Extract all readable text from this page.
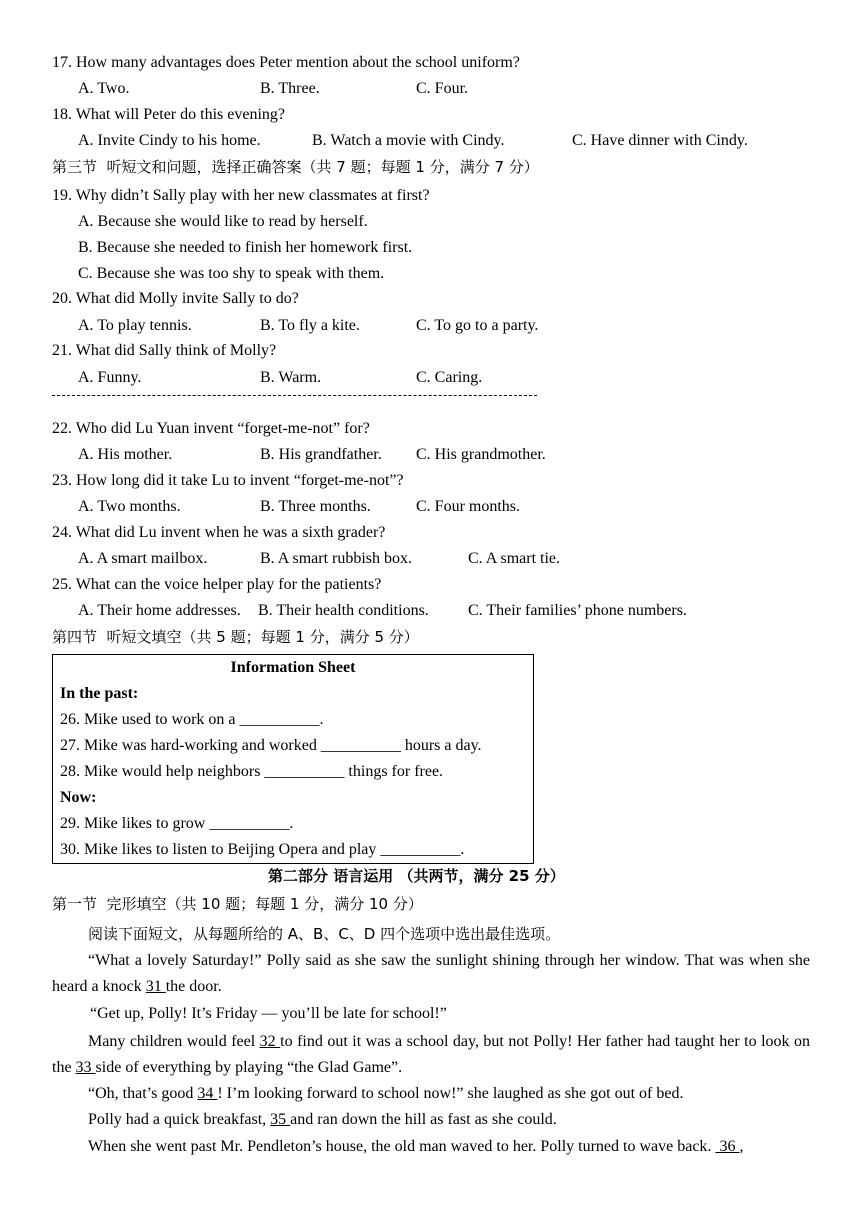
17. How many advantages does Peter mention about the school uniform?
A. Two.	B. Three.	C. Four.
18. What will Peter do this evening?
A. Invite Cindy to his home.	B. Watch a movie with Cindy.	C. Have dinner with Cindy.
第三节  听短文和问题，选择正确答案（共 7 题；每题 1 分，满分 7 分）
19. Why didn’t Sally play with her new classmates at first?
A. Because she would like to read by herself.
B. Because she needed to finish her homework first.
C. Because she was too shy to speak with them.
20. What did Molly invite Sally to do?
A. To play tennis.	B. To fly a kite.	C. To go to a party.
21. What did Sally think of Molly?
A. Funny.	B. Warm.	C. Caring.
22. Who did Lu Yuan invent “forget-me-not” for?
A. His mother.	B. His grandfather. C. His grandmother.
23. How long did it take Lu to invent “forget-me-not”?
A. Two months.	B. Three months.	C. Four months.
24. What did Lu invent when he was a sixth grader?
A. A smart mailbox.	B. A smart rubbish box.	C. A smart tie.
25. What can the voice helper play for the patients?
A. Their home addresses. B. Their health conditions. C. Their families’ phone numbers.
第四节  听短文填空（共 5 题；每题 1 分，满分 5 分）
Information Sheet
In the past:
26. Mike used to work on a __________.
27. Mike was hard-working and worked __________ hours a day.
28. Mike would help neighbors __________ things for free.
Now:
29. Mike likes to grow __________.
30. Mike likes to listen to Beijing Opera and play __________.
第二部分 语言运用 （共两节，满分 25 分）
第一节  完形填空（共 10 题；每题 1 分，满分 10 分）
阅读下面短文，从每题所给的 A、B、C、D 四个选项中选出最佳选项。
“What a lovely Saturday!” Polly said as she saw the sunlight shining through her window. That was when she heard a knock 31 the door.
“Get up, Polly! It’s Friday — you’ll be late for school!”
Many children would feel 32 to find out it was a school day, but not Polly! Her father had taught her to look on the 33 side of everything by playing “the Glad Game”.
“Oh, that’s good 34 ! I’m looking forward to school now!” she laughed as she got out of bed.
Polly had a quick breakfast, 35 and ran down the hill as fast as she could.
When she went past Mr. Pendleton’s house, the old man waved to her. Polly turned to wave back.  36 ,
